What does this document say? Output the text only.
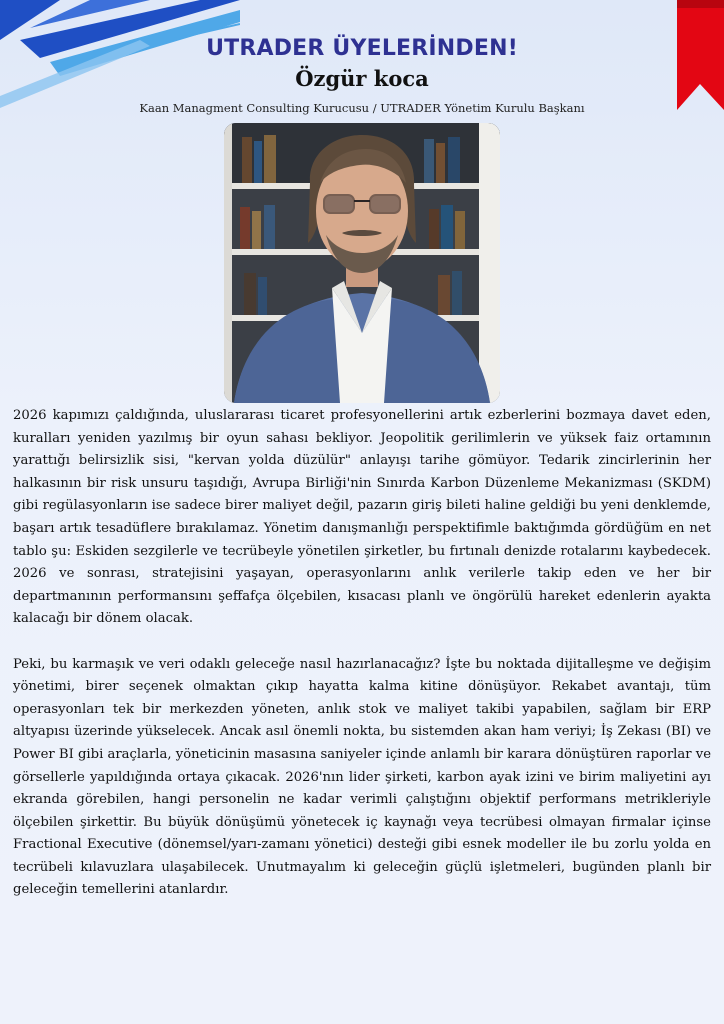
UTRADER ÜYELERİNDEN!
Özgür koca

Kaan Managment Consulting Kurucusu / UTRADER Yönetim Kurulu Başkanı

2026 kapımızı çaldığında, uluslararası ticaret profesyonellerini artık ezberlerini bozmaya davet eden, kuralları yeniden yazılmış bir oyun sahası bekliyor. Jeopolitik gerilimlerin ve yüksek faiz ortamının yarattığı belirsizlik sisi, "kervan yolda düzülür" anlayışı tarihe gömüyor. Tedarik zincirlerinin her halkasının bir risk unsuru taşıdığı, Avrupa Birliği'nin Sınırda Karbon Düzenleme Mekanizması (SKDM) gibi regülasyonların ise sadece birer maliyet değil, pazarın giriş bileti haline geldiği bu yeni denklemde, başarı artık tesadüflere bırakılamaz. Yönetim danışmanlığı perspektifimle baktığımda gördüğüm en net tablo şu: Eskiden sezgilerle ve tecrübeyle yönetilen şirketler, bu fırtınalı denizde rotalarını kaybedecek. 2026 ve sonrası, stratejisini yaşayan, operasyonlarını anlık verilerle takip eden ve her bir departmanının performansını şeffafça ölçebilen, kısacası planlı ve öngörülü hareket edenlerin ayakta kalacağı bir dönem olacak.

Peki, bu karmaşık ve veri odaklı geleceğe nasıl hazırlanacağız? İşte bu noktada dijitalleşme ve değişim yönetimi, birer seçenek olmaktan çıkıp hayatta kalma kitine dönüşüyor. Rekabet avantajı, tüm operasyonları tek bir merkezden yöneten, anlık stok ve maliyet takibi yapabilen, sağlam bir ERP altyapısı üzerinde yükselecek. Ancak asıl önemli nokta, bu sistemden akan ham veriyi; İş Zekası (BI) ve Power BI gibi araçlarla, yöneticinin masasına saniyeler içinde anlamlı bir karara dönüştüren raporlar ve görsellerle yapıldığında ortaya çıkacak. 2026'nın lider şirketi, karbon ayak izini ve birim maliyetini ayı ekranda görebilen, hangi personelin ne kadar verimli çalıştığını objektif performans metrikleriyle ölçebilen şirkettir. Bu büyük dönüşümü yönetecek iç kaynağı veya tecrübesi olmayan firmalar içinse Fractional Executive (dönemsel/yarı-zamanı yönetici) desteği gibi esnek modeller ile bu zorlu yolda en tecrübeli kılavuzlara ulaşabilecek. Unutmayalım ki geleceğin güçlü işletmeleri, bugünden planlı bir geleceğin temellerini atanlardır.
